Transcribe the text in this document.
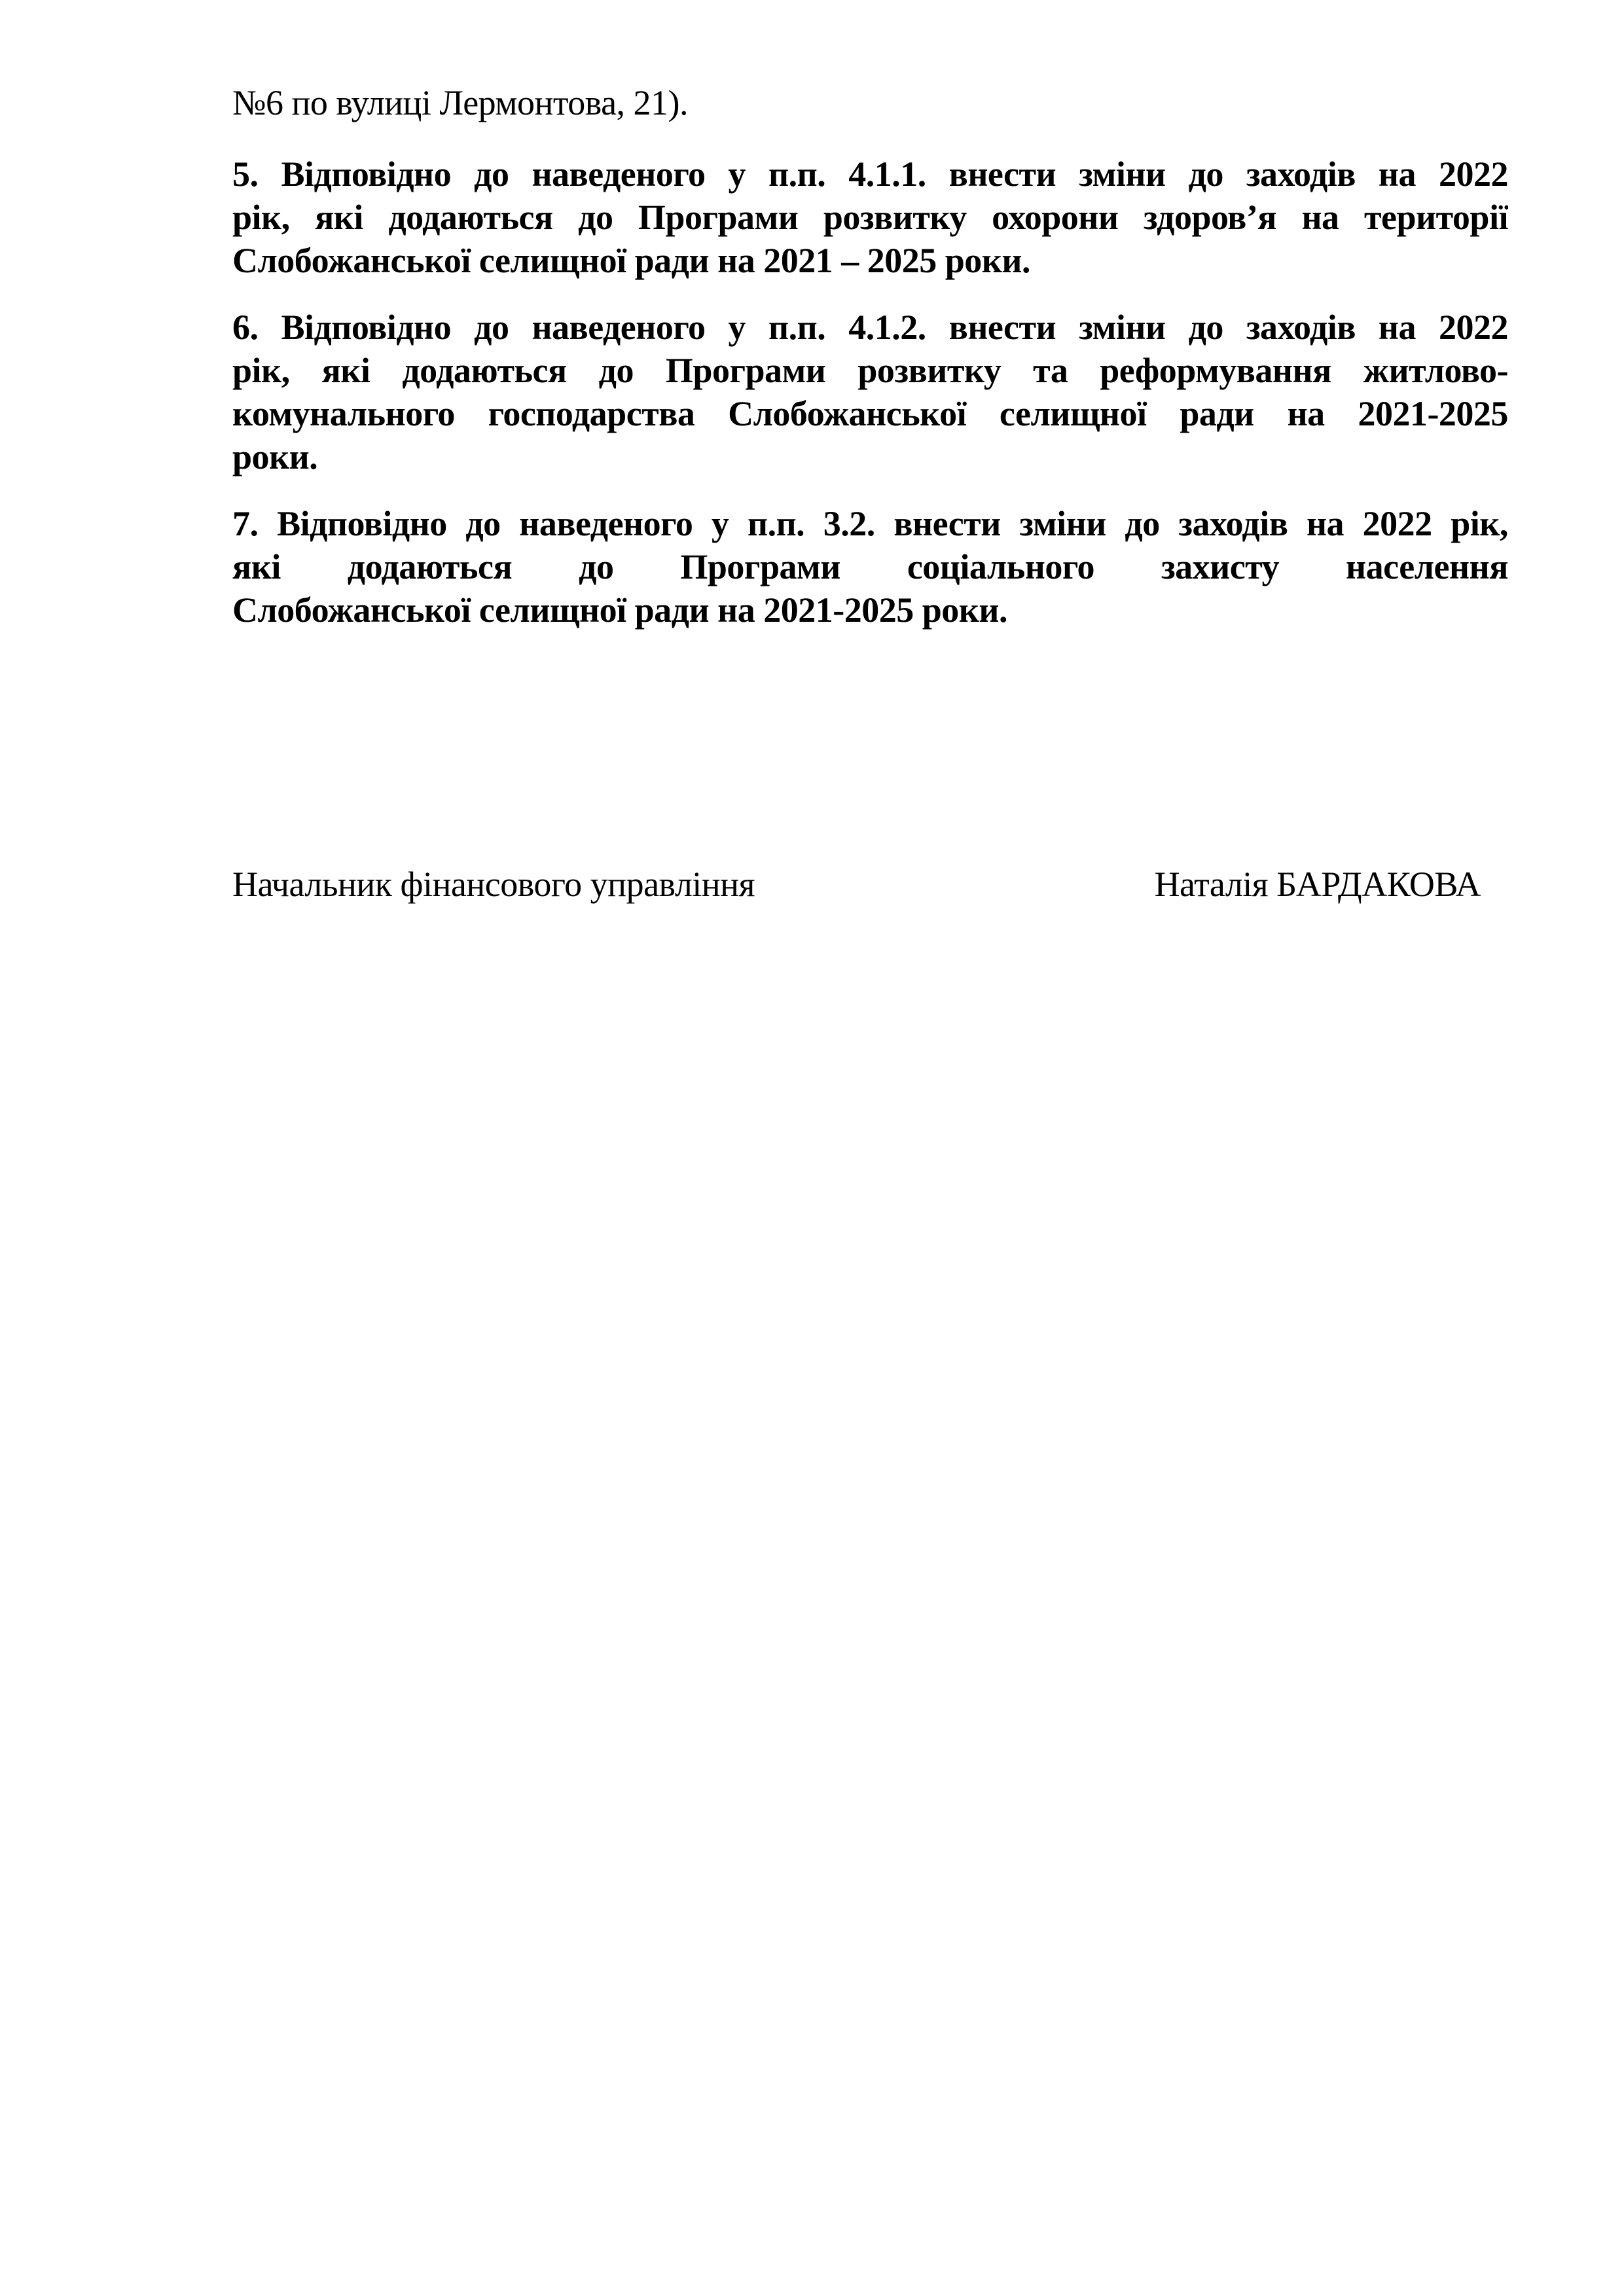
№6 по вулиці Лермонтова, 21).
5. Відповідно до наведеного у п.п. 4.1.1. внести зміни до заходів на 2022
рік, які додаються до Програми розвитку охорони здоров’я на території
Слобожанської селищної ради на 2021 – 2025 роки.
6. Відповідно до наведеного у п.п. 4.1.2. внести зміни до заходів на 2022
рік, які додаються до Програми розвитку та реформування житлово-
комунального господарства Слобожанської селищної ради на 2021-2025
роки.
7. Відповідно до наведеного у п.п. 3.2. внести зміни до заходів на 2022 рік,
які додаються до Програми соціального захисту населення
Слобожанської селищної ради на 2021-2025 роки.
Начальник фінансового управління	Наталія БАРДАКОВА
